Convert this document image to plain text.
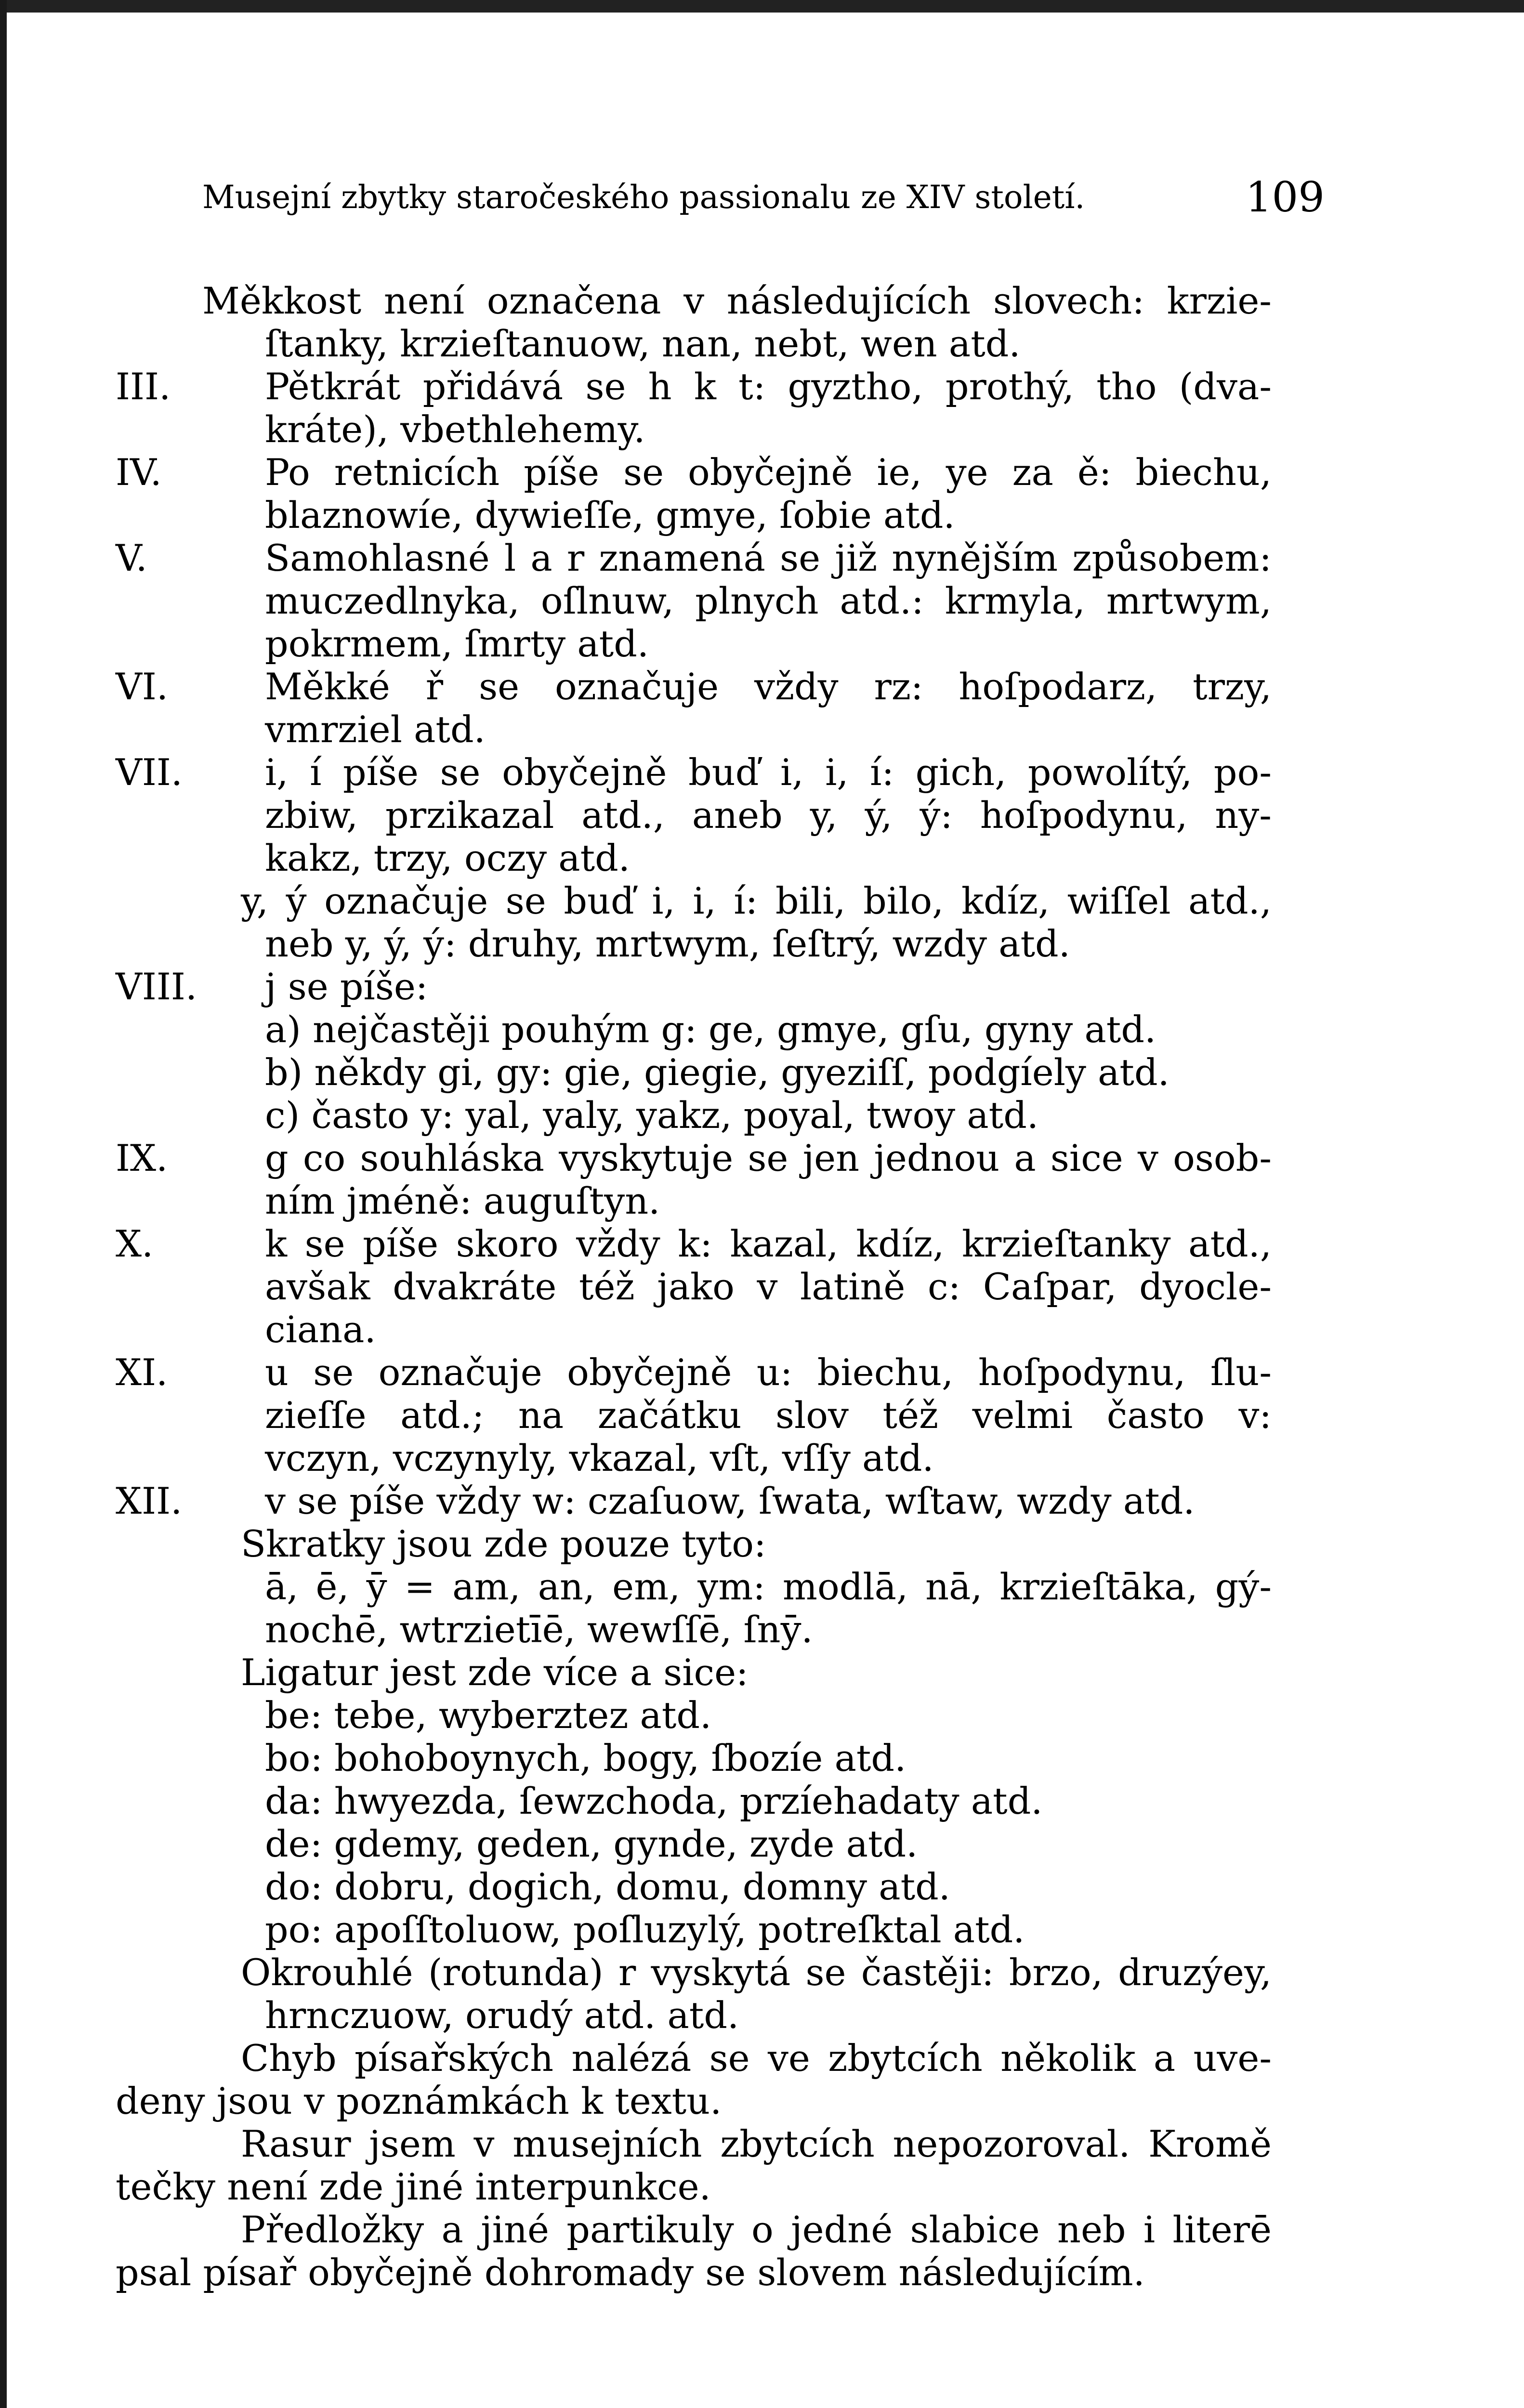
Musejní zbytky staročeského passionalu ze XIV století.	109
Měkkost není označena v následujících slovech: krzie-
ſtanky, krzieſtanuow, nan, nebt, wen atd.
III.	Pětkrát přidává se h k t: gyztho, prothý, tho (dva-
kráte), vbethlehemy.
IV.	Po retnicích píše se obyčejně ie, ye za ě: biechu,
blaznowíe, dywieſſe, gmye, ſobie atd.
V.	Samohlasné l a r znamená se již nynějším způsobem:
muczedlnyka, oſlnuw, plnych atd.: krmyla, mrtwym,
pokrmem, ſmrty atd.
VI.	Měkké ř se označuje vždy rz: hoſpodarz, trzy,
vmrziel atd.
VII.	i, í píše se obyčejně buď i, i, í: gich, powolítý, po-
zbiw, przikazal atd., aneb y, ý, ý: hoſpodynu, ny-
kakz, trzy, oczy atd.
y, ý označuje se buď i, i, í: bili, bilo, kdíz, wiſſel atd.,
neb y, ý, ý: druhy, mrtwym, ſeſtrý, wzdy atd.
VIII.	j se píše:
a) nejčastěji pouhým g: ge, gmye, gſu, gyny atd.
b) někdy gi, gy: gie, giegie, gyeziſſ, podgíely atd.
c) často y: yal, yaly, yakz, poyal, twoy atd.
IX.	g co souhláska vyskytuje se jen jednou a sice v osob-
ním jméně: auguſtyn.
X.	k se píše skoro vždy k: kazal, kdíz, krzieſtanky atd.,
avšak dvakráte též jako v latině c: Caſpar, dyocle-
ciana.
XI.	u se označuje obyčejně u: biechu, hoſpodynu, ſlu-
zieſſe atd.; na začátku slov též velmi často v:
vczyn, vczynyly, vkazal, vſt, vſſy atd.
XII.	v se píše vždy w: czaſuow, ſwata, wſtaw, wzdy atd.
Skratky jsou zde pouze tyto:
ā, ē, ȳ = am, an, em, ym: modlā, nā, krzieſtāka, gý-
nochē, wtrzietīē, wewſſē, ſnȳ.
Ligatur jest zde více a sice:
be: tebe, wyberztez atd.
bo: bohoboynych, bogy, ſbozíe atd.
da: hwyezda, ſewzchoda, przíehadaty atd.
de: gdemy, geden, gynde, zyde atd.
do: dobru, dogich, domu, domny atd.
po: apoſſtoluow, poſluzylý, potreſktal atd.
Okrouhlé (rotunda) r vyskytá se častěji: brzo, druzýey,
hrnczuow, orudý atd. atd.
Chyb písařských nalézá se ve zbytcích několik a uve-
deny jsou v poznámkách k textu.
Rasur jsem v musejních zbytcích nepozoroval. Kromě
tečky není zde jiné interpunkce.
Předložky a jiné partikuly o jedné slabice neb i literē
psal písař obyčejně dohromady se slovem následujícím.
